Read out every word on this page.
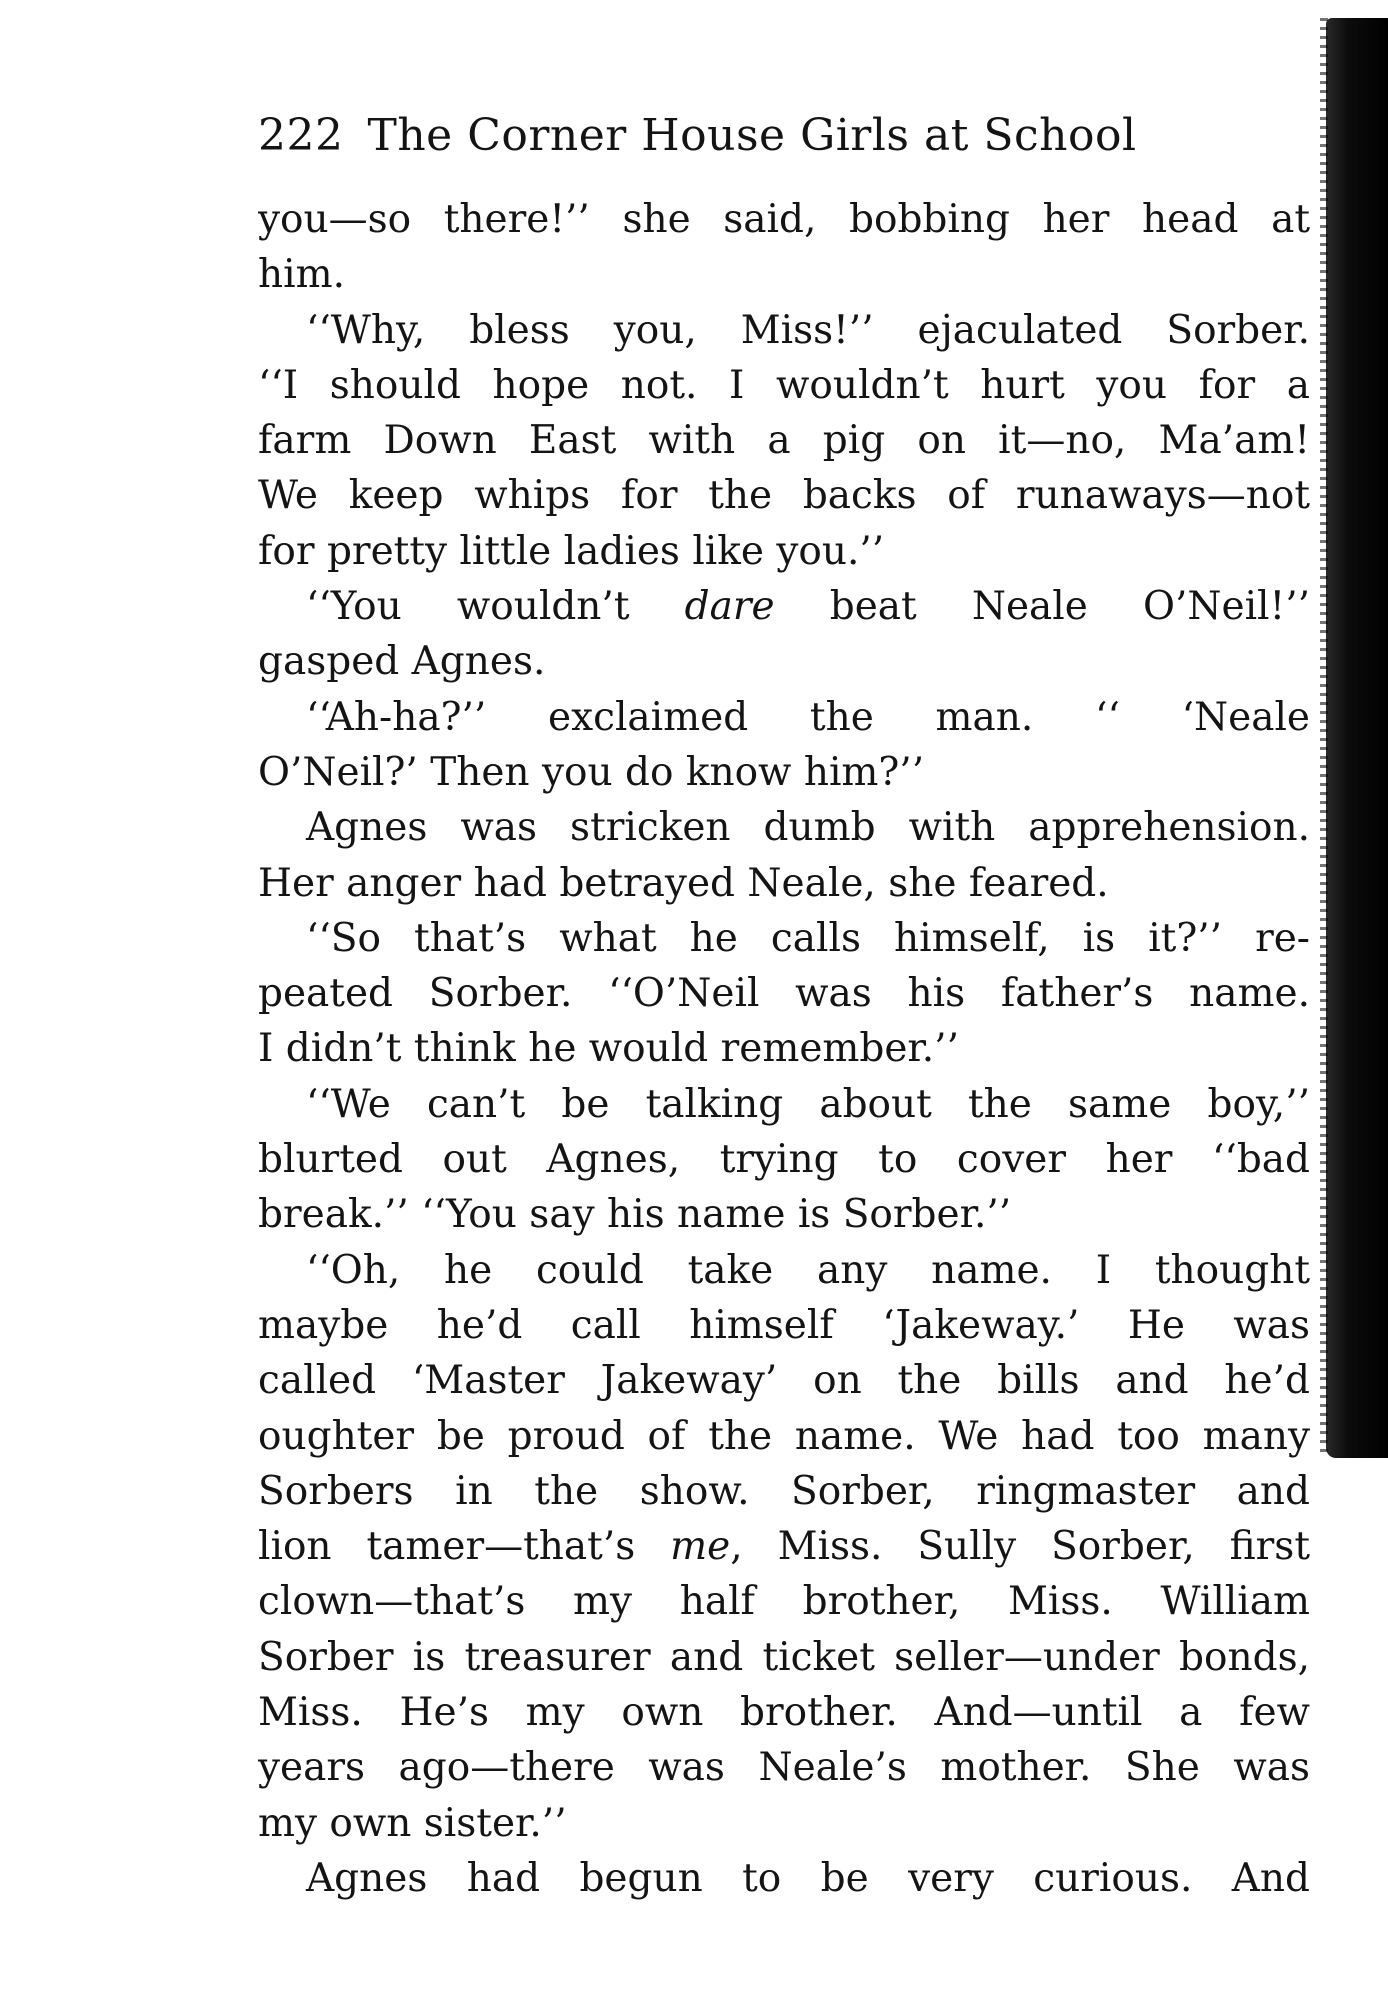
222 The Corner House Girls at School
you—so there!’’ she said, bobbing her head at
him.
‘‘Why, bless you, Miss!’’ ejaculated Sorber.
‘‘I should hope not. I wouldn’t hurt you for a
farm Down East with a pig on it—no, Ma’am!
We keep whips for the backs of runaways—not
for pretty little ladies like you.’’
‘‘You wouldn’t dare beat Neale O’Neil!’’
gasped Agnes.
‘‘Ah-ha?’’ exclaimed the man. ‘‘ ‘Neale
O’Neil?’ Then you do know him?’’
Agnes was stricken dumb with apprehension.
Her anger had betrayed Neale, she feared.
‘‘So that’s what he calls himself, is it?’’ re-
peated Sorber. ‘‘O’Neil was his father’s name.
I didn’t think he would remember.’’
‘‘We can’t be talking about the same boy,’’
blurted out Agnes, trying to cover her ‘‘bad
break.’’ ‘‘You say his name is Sorber.’’
‘‘Oh, he could take any name. I thought
maybe he’d call himself ‘Jakeway.’ He was
called ‘Master Jakeway’ on the bills and he’d
oughter be proud of the name. We had too many
Sorbers in the show. Sorber, ringmaster and
lion tamer—that’s me, Miss. Sully Sorber, first
clown—that’s my half brother, Miss. William
Sorber is treasurer and ticket seller—under bonds,
Miss. He’s my own brother. And—until a few
years ago—there was Neale’s mother. She was
my own sister.’’
Agnes had begun to be very curious. And
